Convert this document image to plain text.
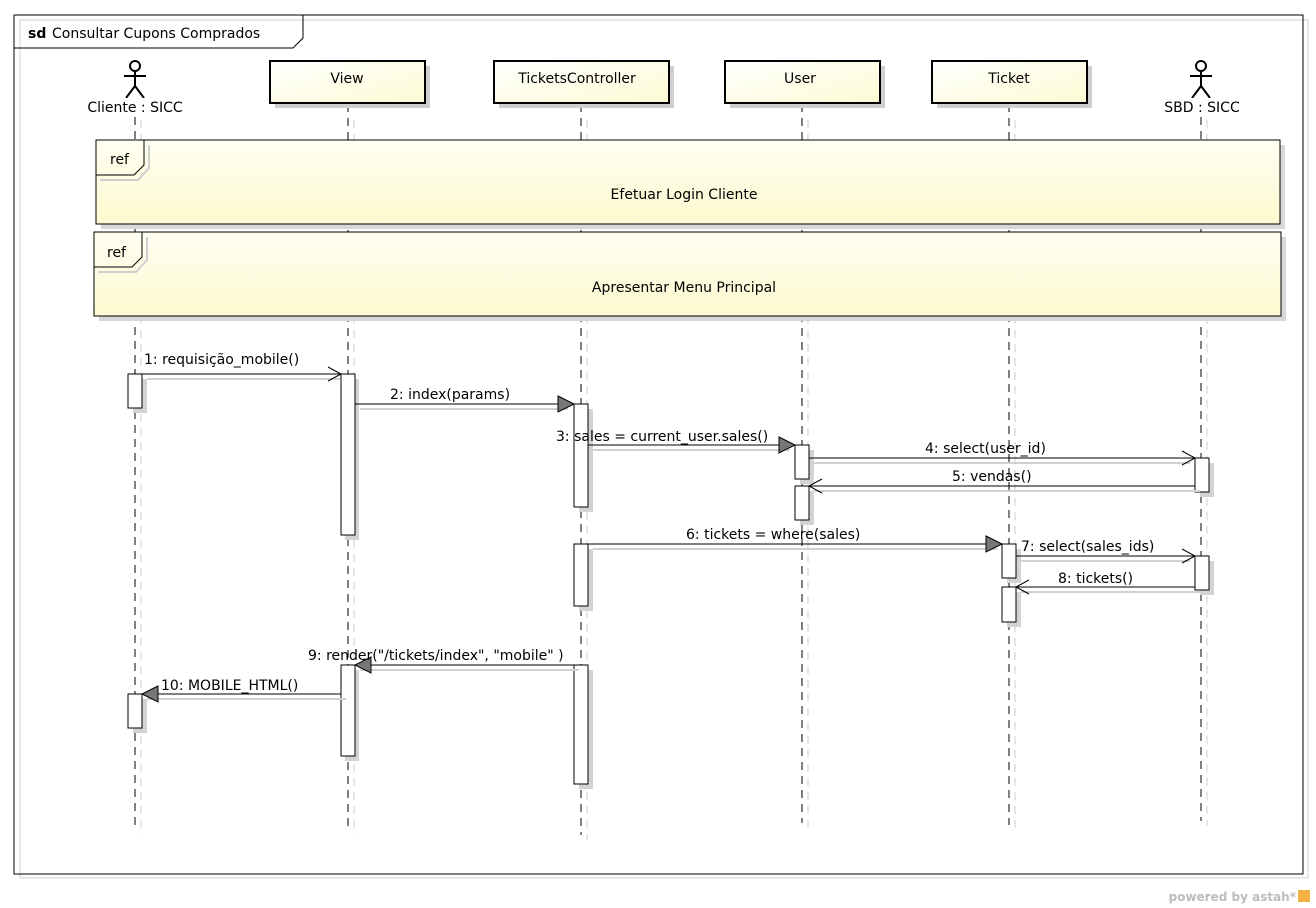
sd Consultar Cupons Comprados
Cliente : SICC	SBD : SICC
View	TicketsController	User	Ticket
ref
Efetuar Login Cliente
ref
Apresentar Menu Principal
1: requisição_mobile()
2: index(params)
3: sales = current_user.sales()
4: select(user_id)
5: vendas()
6: tickets = where(sales)
7: select(sales_ids)
8: tickets()
9: render("/tickets/index", "mobile" )
10: MOBILE_HTML()
powered by astah*
